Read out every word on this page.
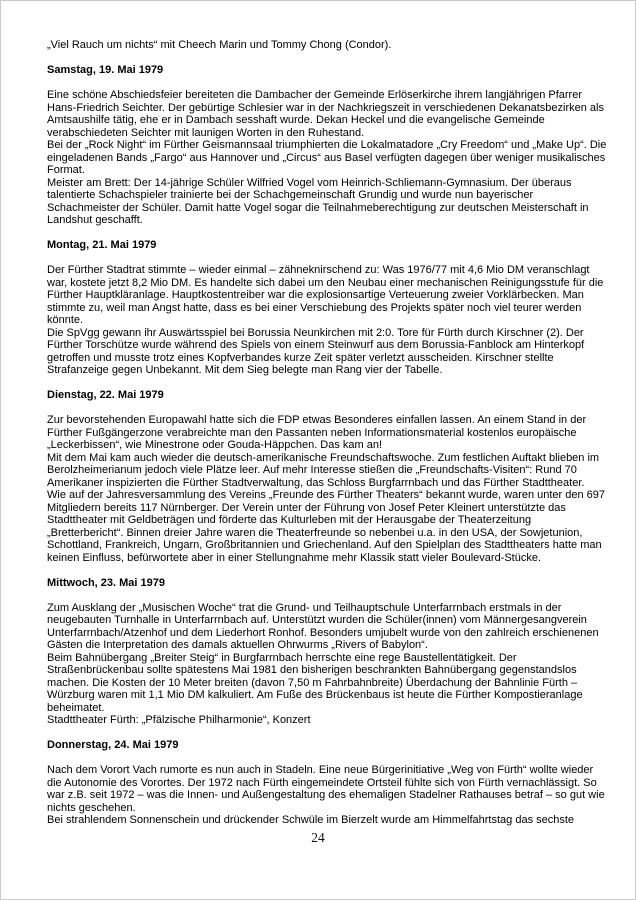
„Viel Rauch um nichts“ mit Cheech Marin und Tommy Chong (Condor).
Samstag, 19. Mai 1979
Eine schöne Abschiedsfeier bereiteten die Dambacher der Gemeinde Erlöserkirche ihrem langjährigen Pfarrer
Hans-Friedrich Seichter. Der gebürtige Schlesier war in der Nachkriegszeit in verschiedenen Dekanatsbezirken als
Amtsaushilfe tätig, ehe er in Dambach sesshaft wurde. Dekan Heckel und die evangelische Gemeinde
verabschiedeten Seichter mit launigen Worten in den Ruhestand.
Bei der „Rock Night“ im Fürther Geismannsaal triumphierten die Lokalmatadore „Cry Freedom“ und „Make Up“. Die
eingeladenen Bands „Fargo“ aus Hannover und „Circus“ aus Basel verfügten dagegen über weniger musikalisches
Format.
Meister am Brett: Der 14-jährige Schüler Wilfried Vogel vom Heinrich-Schliemann-Gymnasium. Der überaus
talentierte Schachspieler trainierte bei der Schachgemeinschaft Grundig und wurde nun bayerischer
Schachmeister der Schüler. Damit hatte Vogel sogar die Teilnahmeberechtigung zur deutschen Meisterschaft in
Landshut geschafft.
Montag, 21. Mai 1979
Der Fürther Stadtrat stimmte – wieder einmal – zähneknirschend zu: Was 1976/77 mit 4,6 Mio DM veranschlagt
war, kostete jetzt 8,2 Mio DM. Es handelte sich dabei um den Neubau einer mechanischen Reinigungsstufe für die
Fürther Hauptkläranlage. Hauptkostentreiber war die explosionsartige Verteuerung zweier Vorklärbecken. Man
stimmte zu, weil man Angst hatte, dass es bei einer Verschiebung des Projekts später noch viel teurer werden
könnte.
Die SpVgg gewann ihr Auswärtsspiel bei Borussia Neunkirchen mit 2:0. Tore für Fürth durch Kirschner (2). Der
Fürther Torschütze wurde während des Spiels von einem Steinwurf aus dem Borussia-Fanblock am Hinterkopf
getroffen und musste trotz eines Kopfverbandes kurze Zeit später verletzt ausscheiden. Kirschner stellte
Strafanzeige gegen Unbekannt. Mit dem Sieg belegte man Rang vier der Tabelle.
Dienstag, 22. Mai 1979
Zur bevorstehenden Europawahl hatte sich die FDP etwas Besonderes einfallen lassen. An einem Stand in der
Fürther Fußgängerzone verabreichte man den Passanten neben Informationsmaterial kostenlos europäische
„Leckerbissen“, wie Minestrone oder Gouda-Häppchen. Das kam an!
Mit dem Mai kam auch wieder die deutsch-amerikanische Freundschaftswoche. Zum festlichen Auftakt blieben im
Berolzheimerianum jedoch viele Plätze leer. Auf mehr Interesse stießen die „Freundschafts-Visiten“: Rund 70
Amerikaner inspizierten die Fürther Stadtverwaltung, das Schloss Burgfarrnbach und das Fürther Stadttheater.
Wie auf der Jahresversammlung des Vereins „Freunde des Fürther Theaters“ bekannt wurde, waren unter den 697
Mitgliedern bereits 117 Nürnberger. Der Verein unter der Führung von Josef Peter Kleinert unterstützte das
Stadttheater mit Geldbeträgen und förderte das Kulturleben mit der Herausgabe der Theaterzeitung
„Bretterbericht“. Binnen dreier Jahre waren die Theaterfreunde so nebenbei u.a. in den USA, der Sowjetunion,
Schottland, Frankreich, Ungarn, Großbritannien und Griechenland. Auf den Spielplan des Stadttheaters hatte man
keinen Einfluss, befürwortete aber in einer Stellungnahme mehr Klassik statt vieler Boulevard-Stücke.
Mittwoch, 23. Mai 1979
Zum Ausklang der „Musischen Woche“ trat die Grund- und Teilhauptschule Unterfarrnbach erstmals in der
neugebauten Turnhalle in Unterfarrnbach auf. Unterstützt wurden die Schüler(innen) vom Männergesangverein
Unterfarrnbach/Atzenhof und dem Liederhort Ronhof. Besonders umjubelt wurde von den zahlreich erschienenen
Gästen die Interpretation des damals aktuellen Ohrwurms „Rivers of Babylon“.
Beim Bahnübergang „Breiter Steig“ in Burgfarrnbach herrschte eine rege Baustellentätigkeit. Der
Straßenbrückenbau sollte spätestens Mai 1981 den bisherigen beschrankten Bahnübergang gegenstandslos
machen. Die Kosten der 10 Meter breiten (davon 7,50 m Fahrbahnbreite) Überdachung der Bahnlinie Fürth –
Würzburg waren mit 1,1 Mio DM kalkuliert. Am Fuße des Brückenbaus ist heute die Fürther Kompostieranlage
beheimatet.
Stadttheater Fürth: „Pfälzische Philharmonie“, Konzert
Donnerstag, 24. Mai 1979
Nach dem Vorort Vach rumorte es nun auch in Stadeln. Eine neue Bürgerinitiative „Weg von Fürth“ wollte wieder
die Autonomie des Vorortes. Der 1972 nach Fürth eingemeindete Ortsteil fühlte sich von Fürth vernachlässigt. So
war z.B. seit 1972 – was die Innen- und Außengestaltung des ehemaligen Stadelner Rathauses betraf – so gut wie
nichts geschehen.
Bei strahlendem Sonnenschein und drückender Schwüle im Bierzelt wurde am Himmelfahrtstag das sechste
24
